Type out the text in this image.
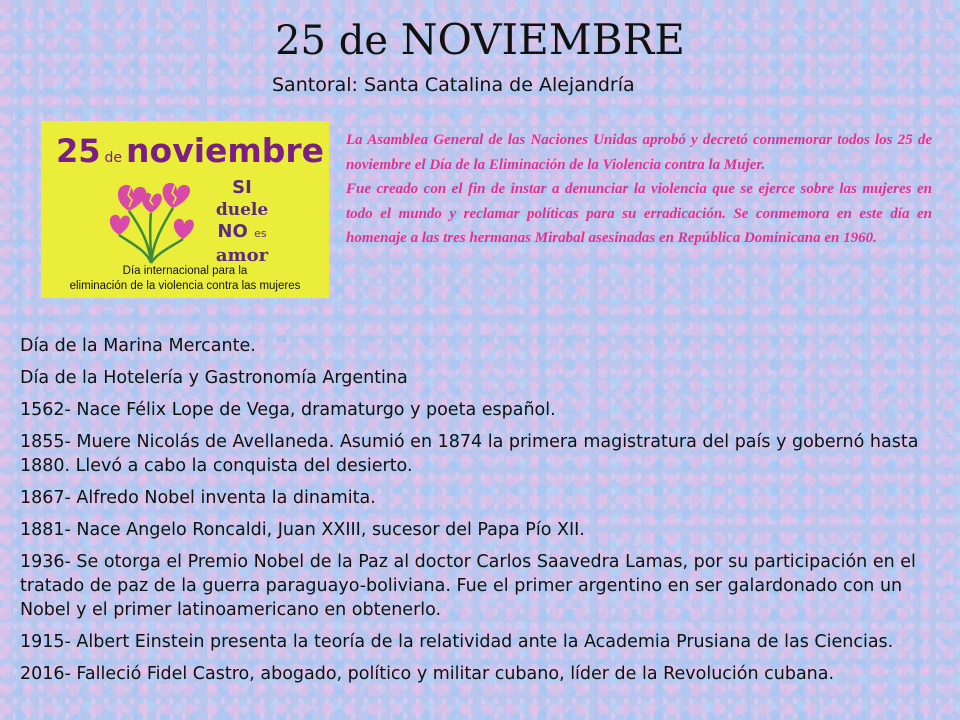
25 de NOVIEMBRE
Santoral: Santa Catalina de Alejandría
25 de noviembre
SI
duele
NO es
amor
Día internacional para la
eliminación de la violencia contra las mujeres

La Asamblea General de las Naciones Unidas aprobó y decretó conmemorar todos los 25 de noviembre el Día de la Eliminación de la Violencia contra la Mujer.

Fue creado con el fin de instar a denunciar la violencia que se ejerce sobre las mujeres en todo el mundo y reclamar políticas para su erradicación. Se conmemora en este día en homenaje a las tres hermanas Mirabal asesinadas en República Dominicana en 1960.

Día de la Marina Mercante.
Día de la Hotelería y Gastronomía Argentina
1562- Nace Félix Lope de Vega, dramaturgo y poeta español.
1855- Muere Nicolás de Avellaneda. Asumió en 1874 la primera magistratura del país y gobernó hasta 1880. Llevó a cabo la conquista del desierto.
1867- Alfredo Nobel inventa la dinamita.
1881- Nace Angelo Roncaldi, Juan XXIII, sucesor del Papa Pío XII.
1936- Se otorga el Premio Nobel de la Paz al doctor Carlos Saavedra Lamas, por su participación en el tratado de paz de la guerra paraguayo-boliviana. Fue el primer argentino en ser galardonado con un Nobel y el primer latinoamericano en obtenerlo.
1915- Albert Einstein presenta la teoría de la relatividad ante la Academia Prusiana de las Ciencias.
2016- Falleció Fidel Castro, abogado, político y militar cubano, líder de la Revolución cubana.
